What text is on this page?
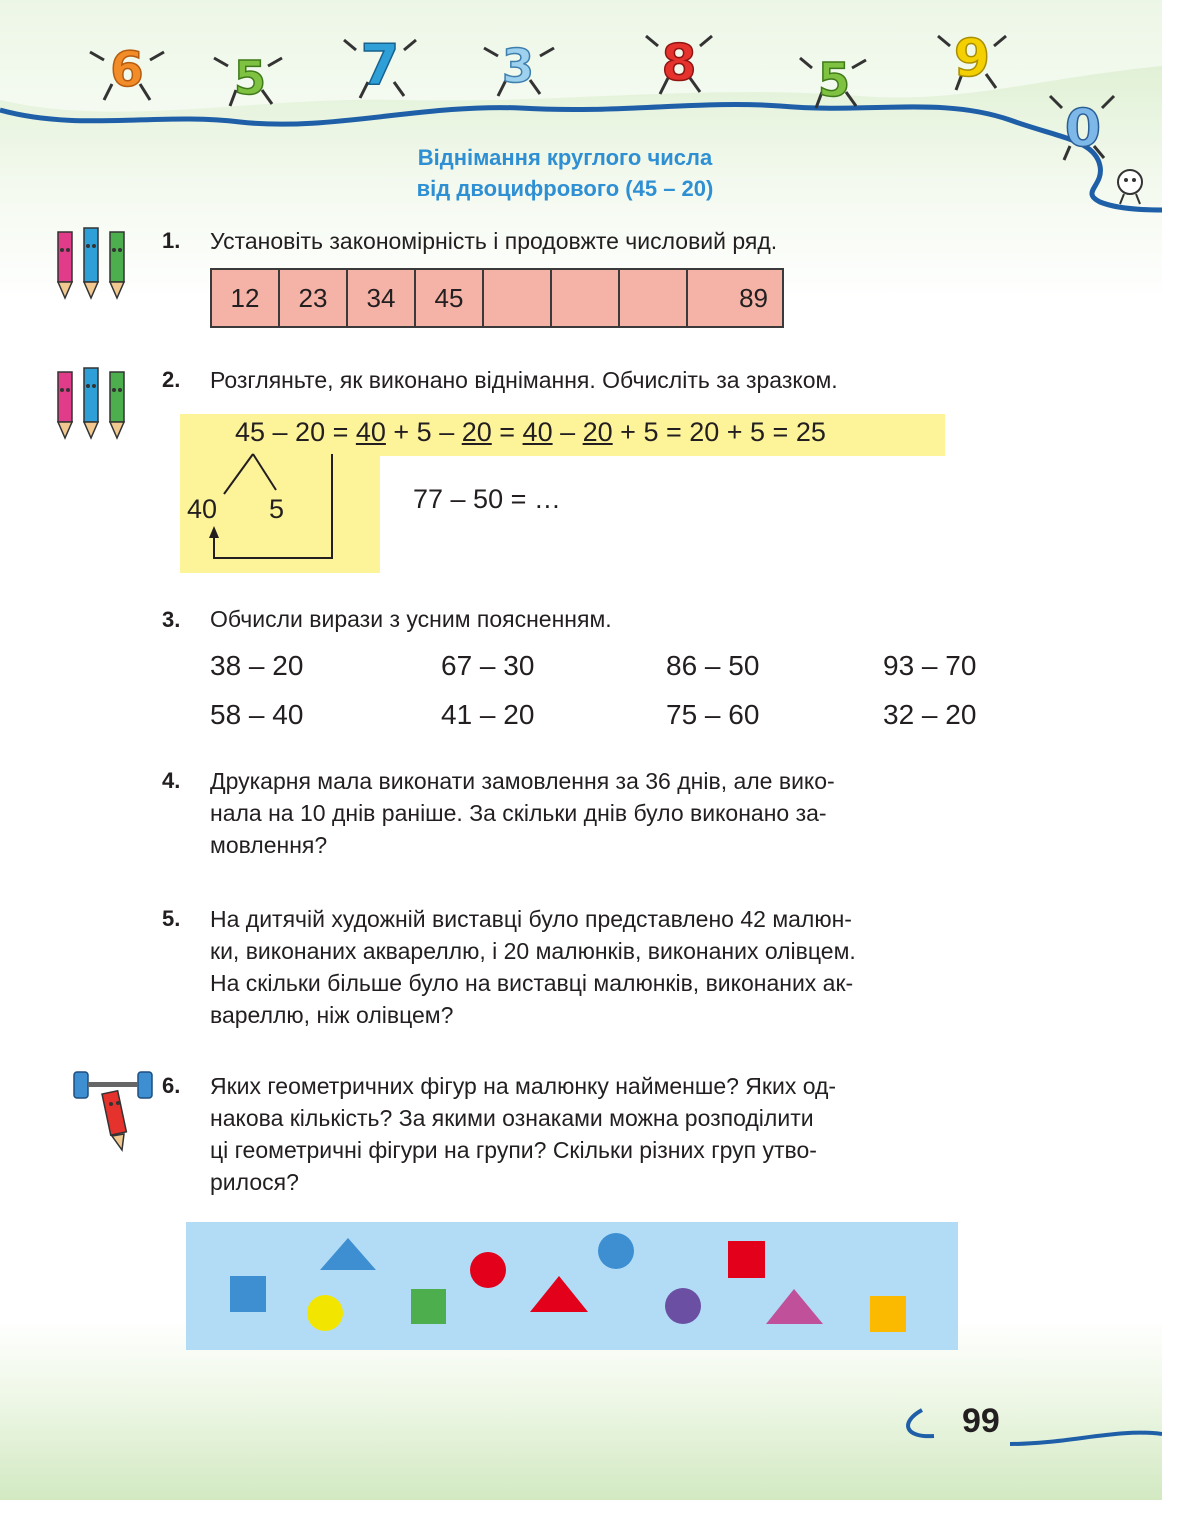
6 5 7 3	8	5 9
0
Віднімання круглого числа
від двоцифрового (45 – 20)
1. Установіть закономірність і продовжте числовий ряд.
12	23	34	45				89
2. Розгляньте, як виконано віднімання. Обчисліть за зразком.
45 – 20 = 40 + 5 – 20 = 40 – 20 + 5 = 20 + 5 = 25
40 5	77 – 50 = …
3. Обчисли вирази з усним поясненням.
38 – 20	67 – 30	86 – 50	93 – 70
58 – 40	41 – 20	75 – 60	32 – 20
4. Друкарня мала виконати замовлення за 36 днів, але вико-
нала на 10 днів раніше. За скільки днів було виконано за-
мовлення?
5. На дитячій художній виставці було представлено 42 малюн-
ки, виконаних аквареллю, і 20 малюнків, виконаних олівцем.
На скільки більше було на виставці малюнків, виконаних ак-
вареллю, ніж олівцем?
6. Яких геометричних фігур на малюнку найменше? Яких од-
накова кількість? За якими ознаками можна розподілити
ці геометричні фігури на групи? Скільки різних груп утво-
рилося?
99
